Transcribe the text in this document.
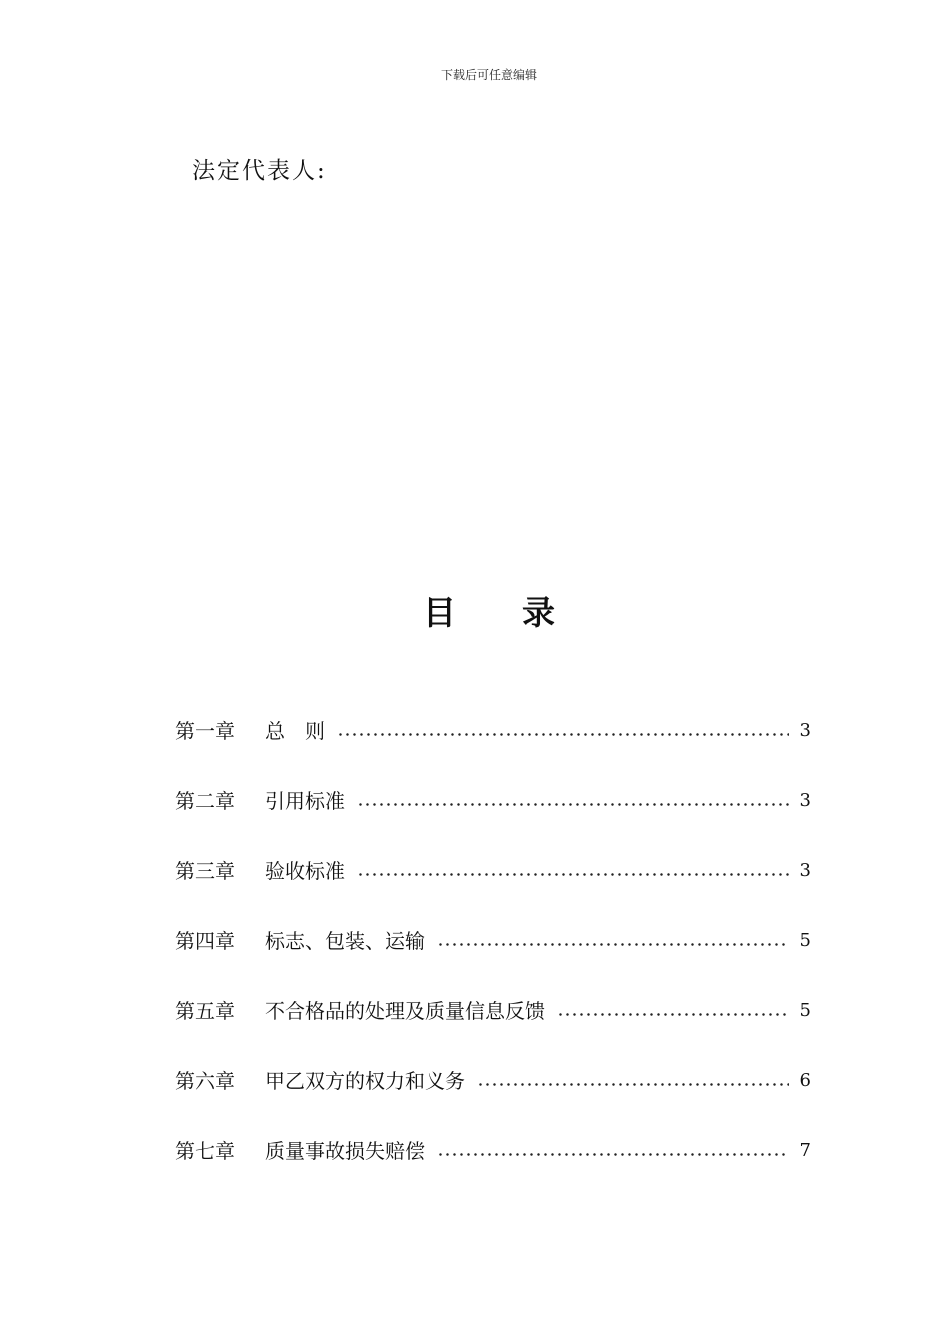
下载后可任意编辑
法定代表人:
目　　录
第一章	总　则	3
第二章	引用标准	3
第三章	验收标准	3
第四章	标志、包装、运输	5
第五章	不合格品的处理及质量信息反馈	5
第六章	甲乙双方的权力和义务	6
第七章	质量事故损失赔偿	7
